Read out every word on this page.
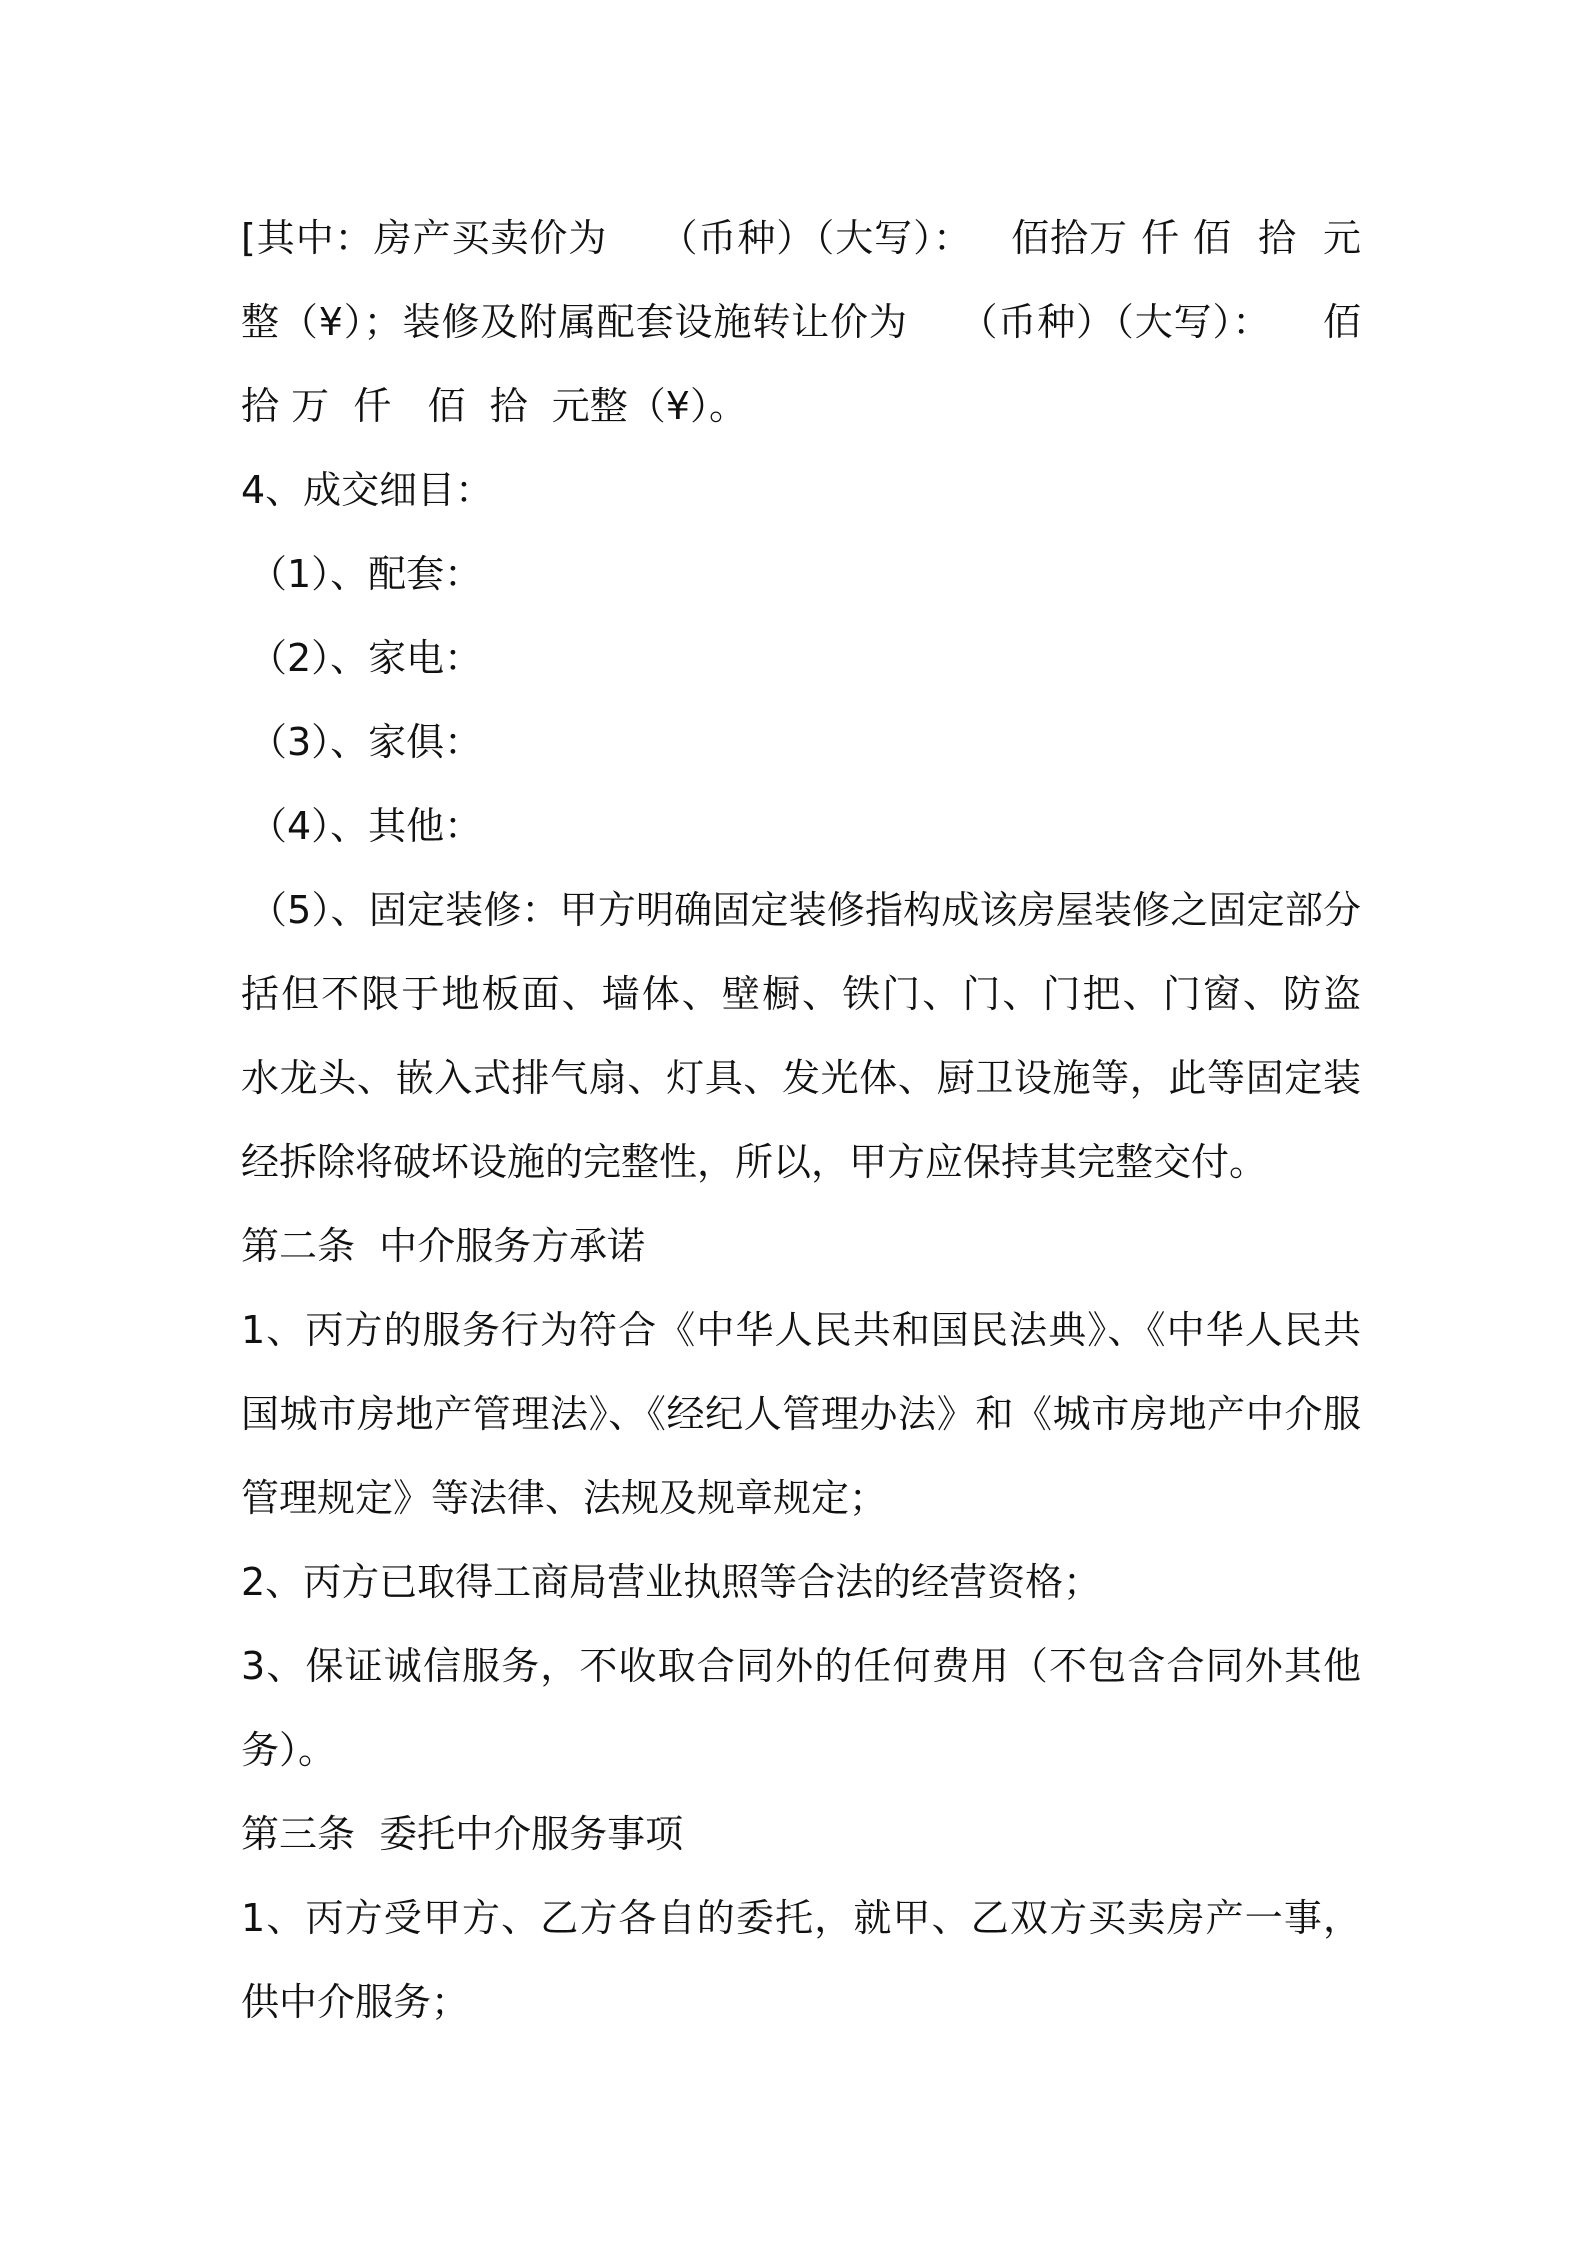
[其中：房产买卖价为    （币种）（大写）：   佰拾万 仟 佰  拾  元
整（¥）；装修及附属配套设施转让价为    （币种）（大写）：    佰
拾 万  仟   佰  拾  元整（¥）。
4、成交细目：
（1）、配套：
（2）、家电：
（3）、家俱：
（4）、其他：
（5）、固定装修：甲方明确固定装修指构成该房屋装修之固定部分
括但不限于地板面、墙体、壁橱、铁门、门、门把、门窗、防盗
水龙头、嵌入式排气扇、灯具、发光体、厨卫设施等，此等固定装
经拆除将破坏设施的完整性，所以，甲方应保持其完整交付。
第二条  中介服务方承诺
1、丙方的服务行为符合《中华人民共和国民法典》、《中华人民共
国城市房地产管理法》、《经纪人管理办法》和《城市房地产中介服
管理规定》等法律、法规及规章规定；
2、丙方已取得工商局营业执照等合法的经营资格；
3、保证诚信服务，不收取合同外的任何费用（不包含合同外其他
务）。
第三条  委托中介服务事项
1、丙方受甲方、乙方各自的委托，就甲、乙双方买卖房产一事，
供中介服务；
